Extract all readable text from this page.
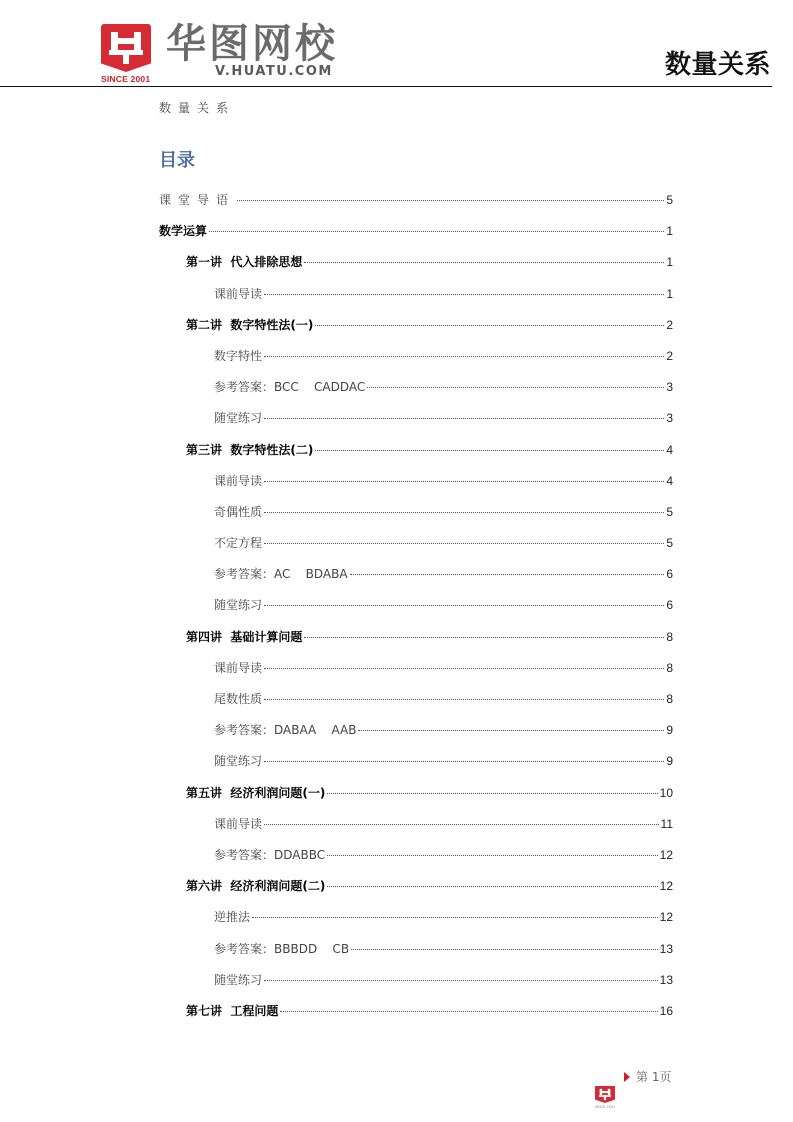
SINCE 2001
华图网校
V.HUATU.COM	数量关系
数量关系
目录
课堂导语	5
数学运算	1
第一讲  代入排除思想	1
课前导读	1
第二讲  数字特性法(一)	2
数字特性	2
参考答案：BCC    CADDAC	3
随堂练习	3
第三讲  数字特性法(二)	4
课前导读	4
奇偶性质	5
不定方程	5
参考答案：AC    BDABA	6
随堂练习	6
第四讲  基础计算问题	8
课前导读	8
尾数性质	8
参考答案：DABAA    AAB	9
随堂练习	9
第五讲  经济利润问题(一)	10
课前导读	11
参考答案：DDABBC	12
第六讲  经济利润问题(二)	12
逆推法	12
参考答案：BBBDD    CB	13
随堂练习	13
第七讲  工程问题	16
第 1页
SINCE 2001
